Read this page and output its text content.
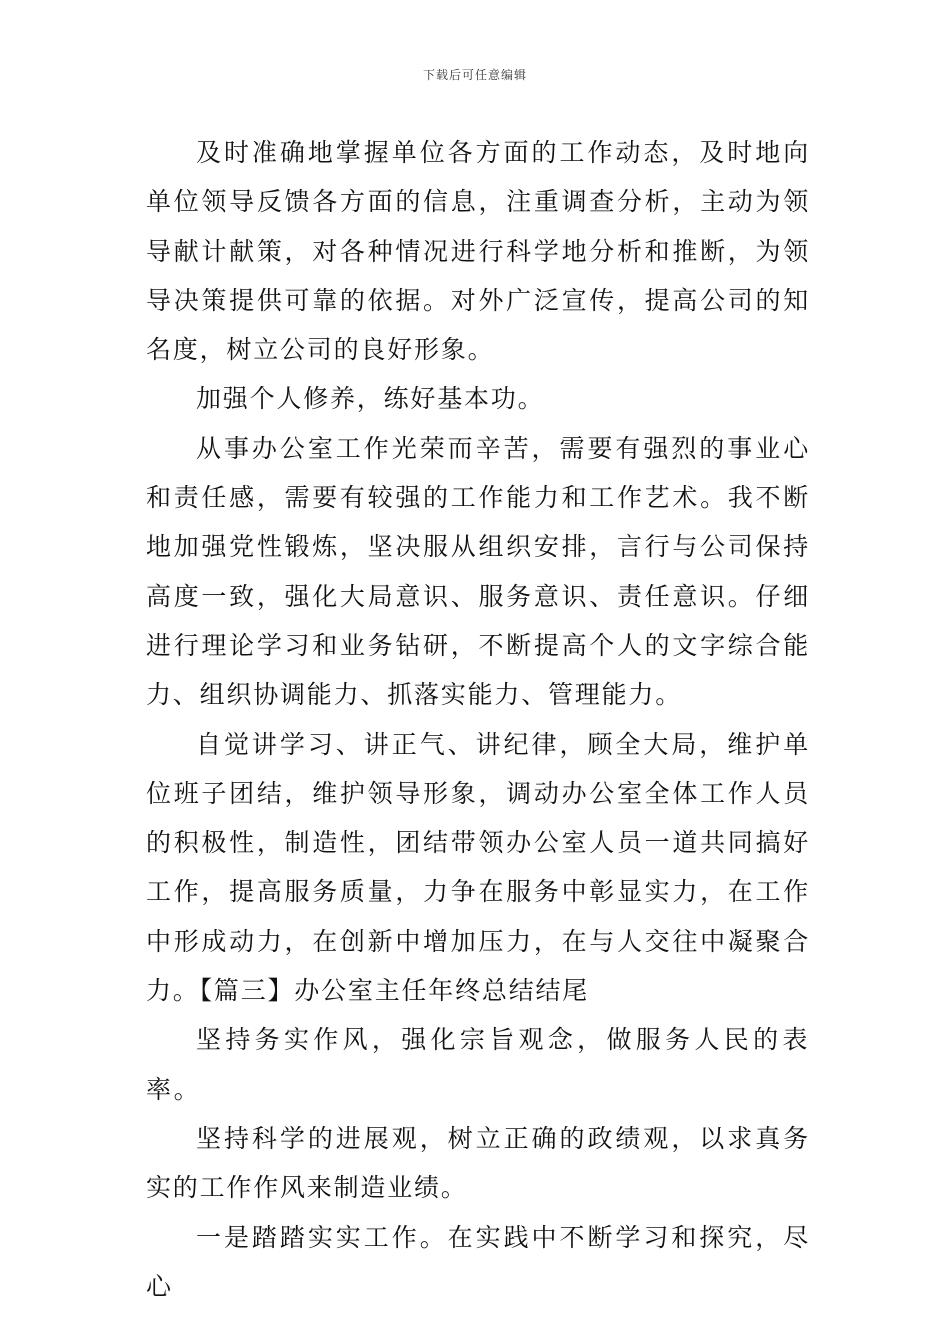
下载后可任意编辑

及时准确地掌握单位各方面的工作动态，及时地向单位领导反馈各方面的信息，注重调查分析，主动为领导献计献策，对各种情况进行科学地分析和推断，为领导决策提供可靠的依据。对外广泛宣传，提高公司的知名度，树立公司的良好形象。

加强个人修养，练好基本功。

从事办公室工作光荣而辛苦，需要有强烈的事业心和责任感，需要有较强的工作能力和工作艺术。我不断地加强党性锻炼，坚决服从组织安排，言行与公司保持高度一致，强化大局意识、服务意识、责任意识。仔细进行理论学习和业务钻研，不断提高个人的文字综合能力、组织协调能力、抓落实能力、管理能力。

自觉讲学习、讲正气、讲纪律，顾全大局，维护单位班子团结，维护领导形象，调动办公室全体工作人员的积极性，制造性，团结带领办公室人员一道共同搞好工作，提高服务质量，力争在服务中彰显实力，在工作中形成动力，在创新中增加压力，在与人交往中凝聚合力。【篇三】办公室主任年终总结结尾

坚持务实作风，强化宗旨观念，做服务人民的表率。

坚持科学的进展观，树立正确的政绩观，以求真务实的工作作风来制造业绩。

一是踏踏实实工作。在实践中不断学习和探究，尽心
